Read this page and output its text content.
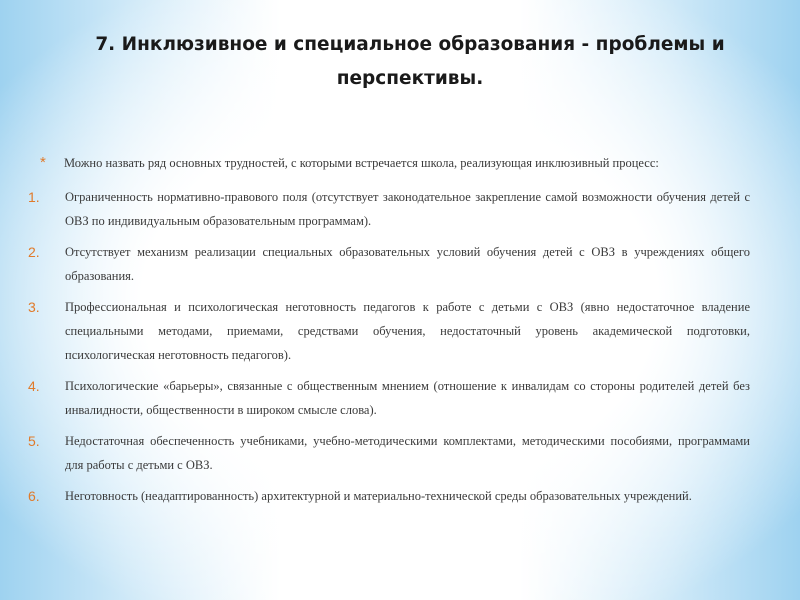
7. Инклюзивное и специальное образования - проблемы и перспективы.
*	Можно назвать ряд основных трудностей, с которыми встречается школа, реализующая инклюзивный процесс:

1.	Ограниченность нормативно-правового поля (отсутствует законодательное закрепление самой возможности обучения детей с ОВЗ по индивидуальным образовательным программам).

2.	Отсутствует механизм реализации специальных образовательных условий обучения детей с ОВЗ в учреждениях общего образования.

3.	Профессиональная и психологическая неготовность педагогов к работе с детьми с ОВЗ (явно недостаточное владение специальными методами, приемами, средствами обучения, недостаточный уровень академической подготовки, психологическая неготовность педагогов).

4.	Психологические «барьеры», связанные с общественным мнением (отношение к инвалидам со стороны родителей детей без инвалидности, общественности в широком смысле слова).

5.	Недостаточная обеспеченность учебниками, учебно-методическими комплектами, методическими пособиями, программами для работы с детьми с ОВЗ.

6.	Неготовность (неадаптированность) архитектурной и материально-технической среды образовательных учреждений.
